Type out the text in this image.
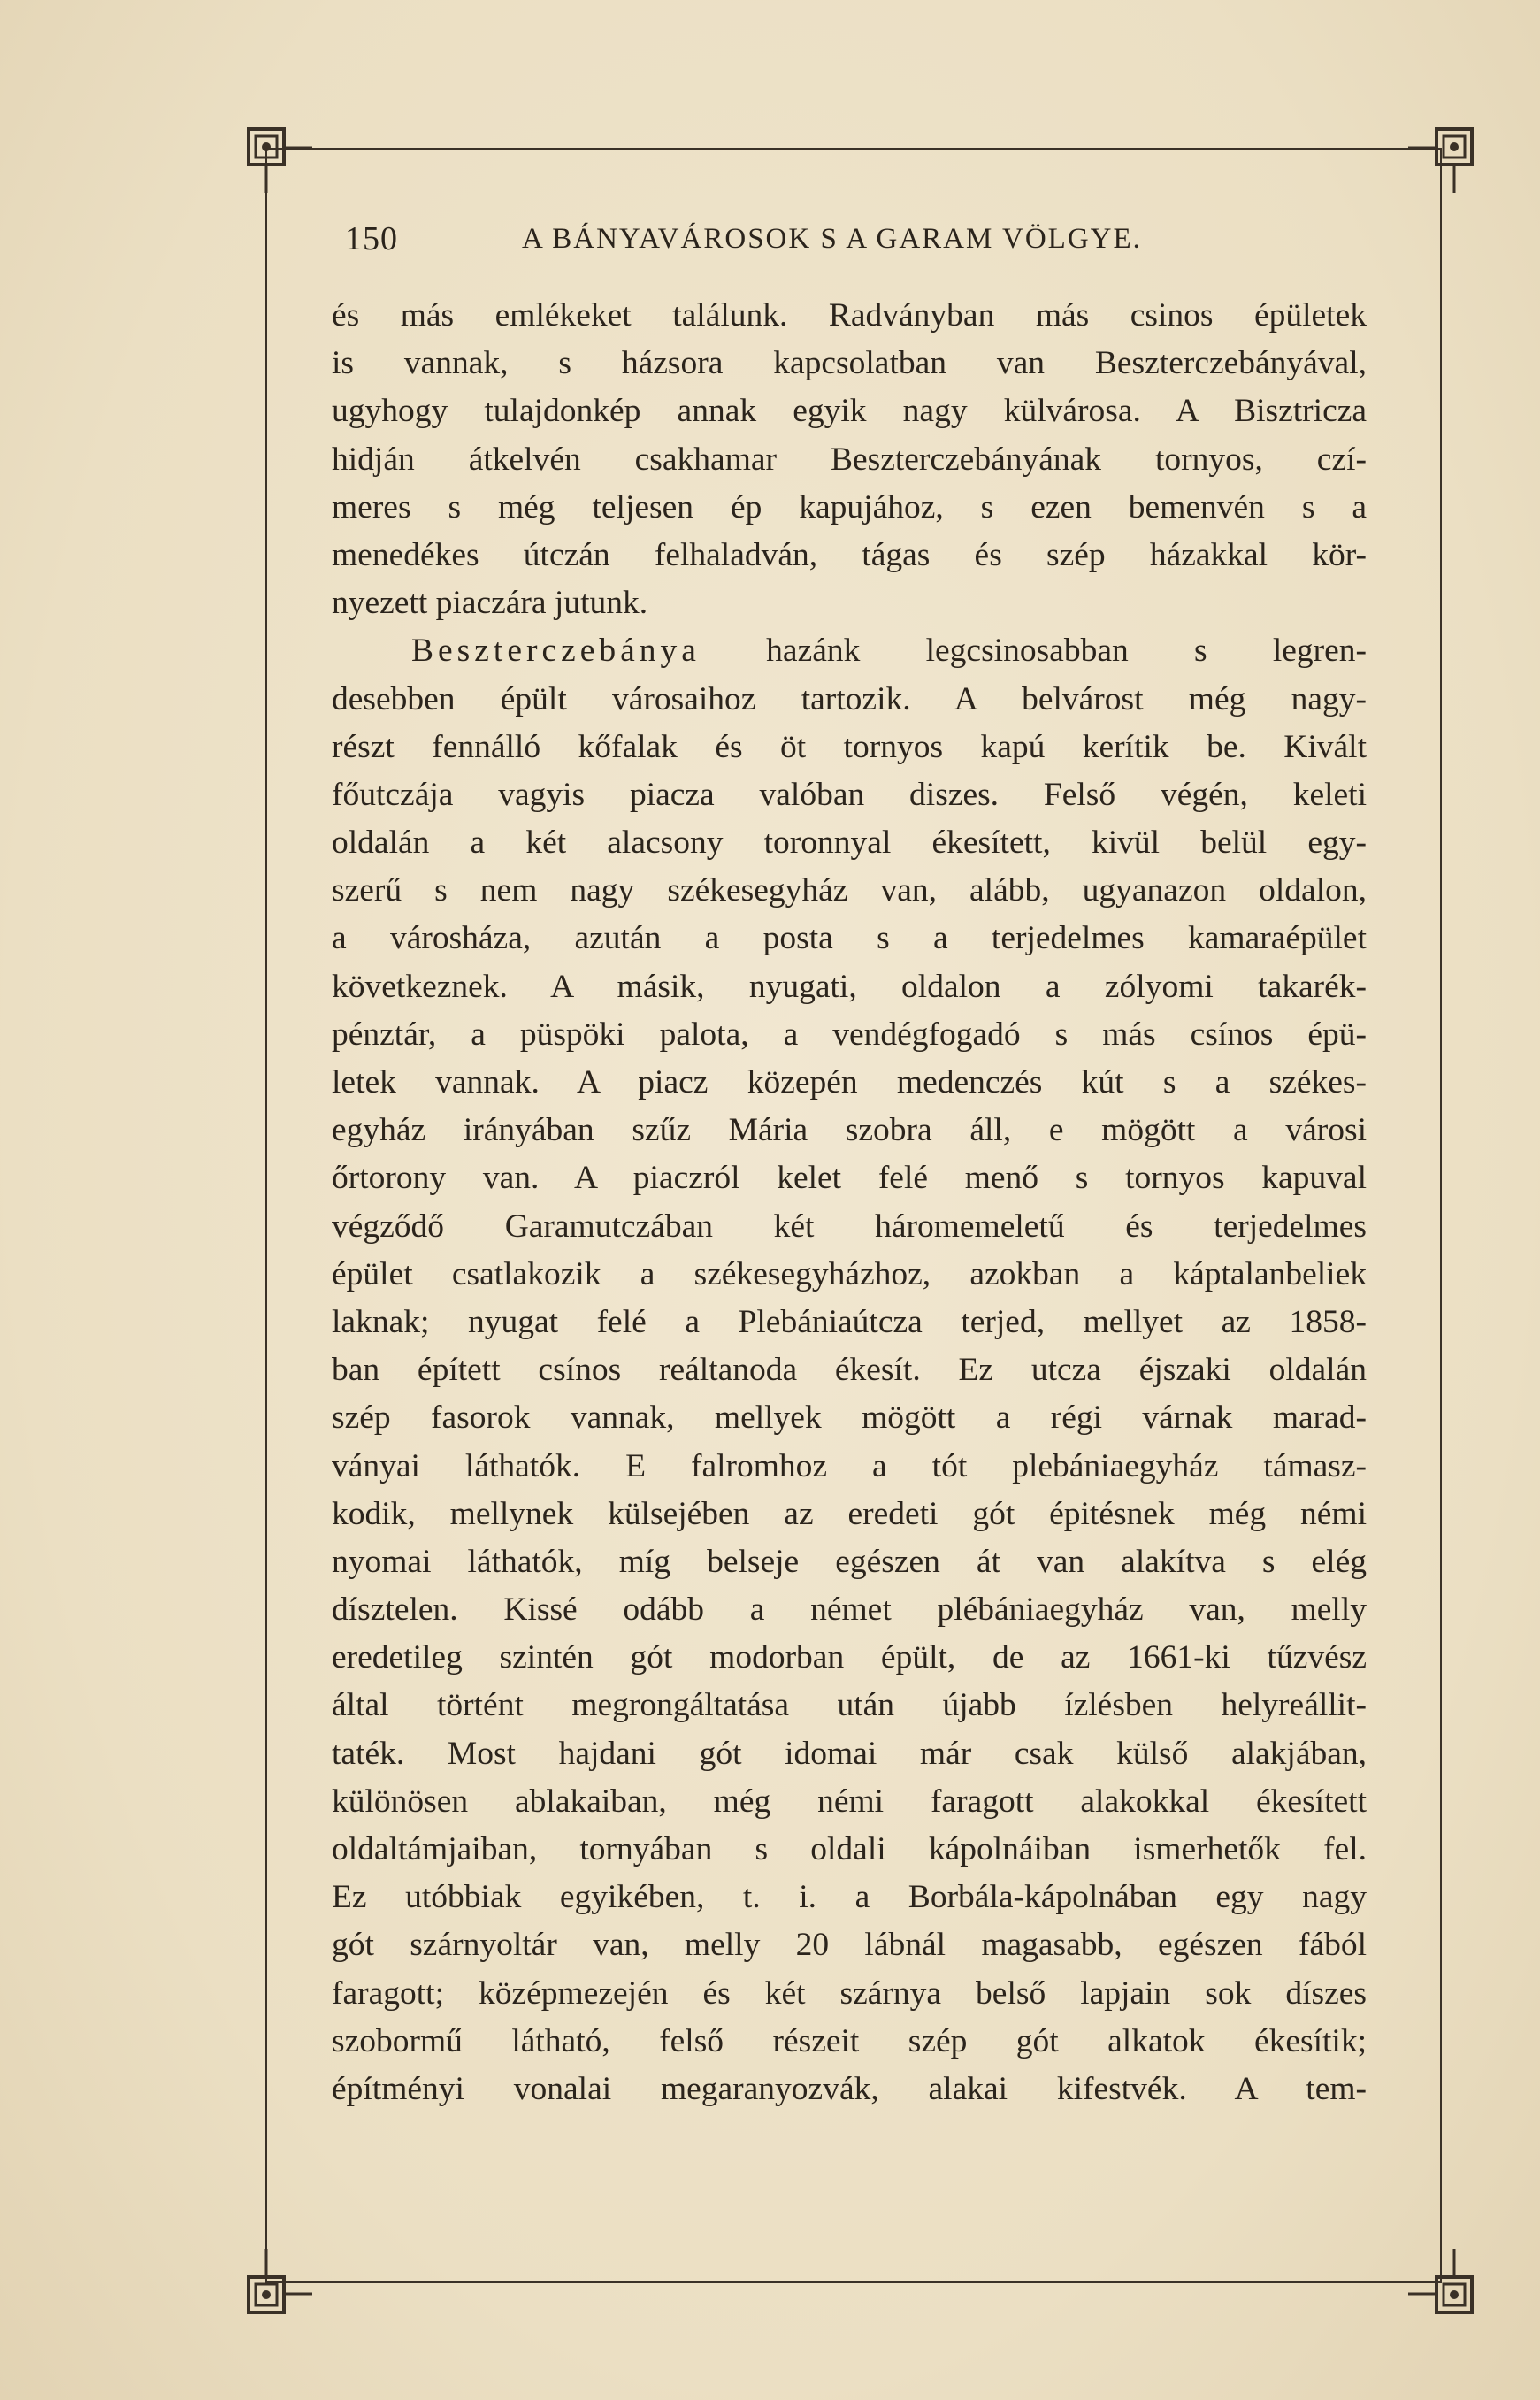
150	A BÁNYAVÁROSOK S A GARAM VÖLGYE.
és más emlékeket találunk. Radványban más csinos épületek
is vannak, s házsora kapcsolatban van Beszterczebányával,
ugyhogy tulajdonkép annak egyik nagy külvárosa. A Bisztricza
hidján átkelvén csakhamar Beszterczebányának tornyos, czí-
meres s még teljesen ép kapujához, s ezen bemenvén s a
menedékes útczán felhaladván, tágas és szép házakkal kör-
nyezett piaczára jutunk.
Beszterczebánya hazánk legcsinosabban s legren-
desebben épült városaihoz tartozik. A belvárost még nagy-
részt fennálló kőfalak és öt tornyos kapú kerítik be. Kivált
főutczája vagyis piacza valóban diszes. Felső végén, keleti
oldalán a két alacsony toronnyal ékesített, kivül belül egy-
szerű s nem nagy székesegyház van, alább, ugyanazon oldalon,
a városháza, azután a posta s a terjedelmes kamaraépület
következnek. A másik, nyugati, oldalon a zólyomi takarék-
pénztár, a püspöki palota, a vendégfogadó s más csínos épü-
letek vannak. A piacz közepén medenczés kút s a székes-
egyház irányában szűz Mária szobra áll, e mögött a városi
őrtorony van. A piaczról kelet felé menő s tornyos kapuval
végződő Garamutczában két háromemeletű és terjedelmes
épület csatlakozik a székesegyházhoz, azokban a káptalanbeliek
laknak; nyugat felé a Plebániaútcza terjed, mellyet az 1858-
ban épített csínos reáltanoda ékesít. Ez utcza éjszaki oldalán
szép fasorok vannak, mellyek mögött a régi várnak marad-
ványai láthatók. E falromhoz a tót plebániaegyház támasz-
kodik, mellynek külsejében az eredeti gót épitésnek még némi
nyomai láthatók, míg belseje egészen át van alakítva s elég
dísztelen. Kissé odább a német plébániaegyház van, melly
eredetileg szintén gót modorban épült, de az 1661-ki tűzvész
által történt megrongáltatása után újabb ízlésben helyreállit-
taték. Most hajdani gót idomai már csak külső alakjában,
különösen ablakaiban, még némi faragott alakokkal ékesített
oldaltámjaiban, tornyában s oldali kápolnáiban ismerhetők fel.
Ez utóbbiak egyikében, t. i. a Borbála-kápolnában egy nagy
gót szárnyoltár van, melly 20 lábnál magasabb, egészen fából
faragott; középmezején és két szárnya belső lapjain sok díszes
szobormű látható, felső részeit szép gót alkatok ékesítik;
építményi vonalai megaranyozvák, alakai kifestvék. A tem-
